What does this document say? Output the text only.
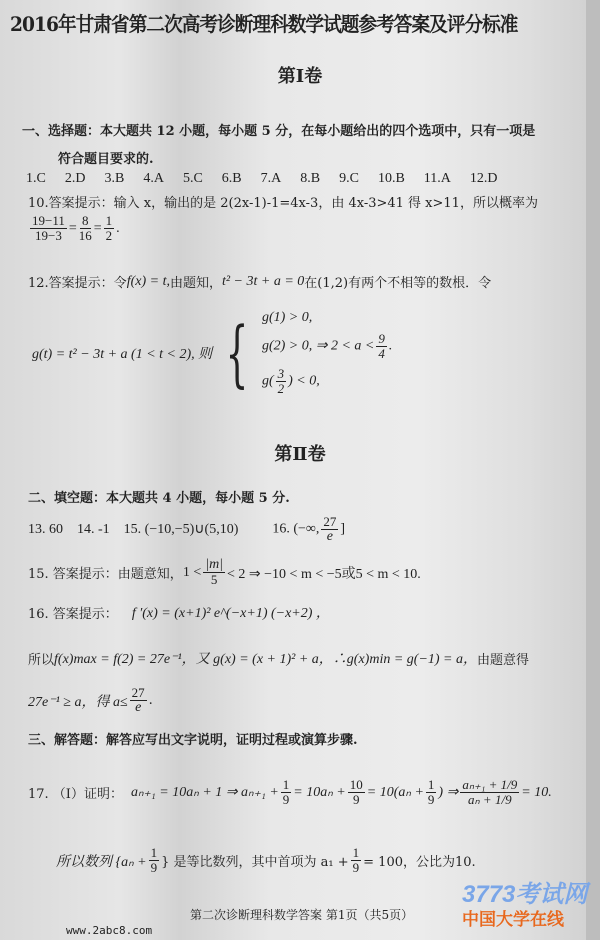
2016年甘肃省第二次高考诊断理科数学试题参考答案及评分标准
第Ⅰ卷
一、选择题：本大题共 12 小题，每小题 5 分，在每小题给出的四个选项中，只有一项是
符合题目要求的.
1.C 2.D 3.B 4.A 5.C 6.B 7.A 8.B 9.C 10.B 11.A 12.D
10.答案提示：输入 x，输出的是 2(2x-1)-1=4x-3，由 4x-3>41 得 x>11，所以概率为
$\frac{19-11}{19-3} = \frac{8}{16} = \frac{1}{2}$ .
12.答案提示：令 f(x) = t, 由题知， t² − 3t + a = 0 在(1,2)有两个不相等的数根．令
g(t) = t² − 3t + a (1 < t < 2), 则 { g(1) > 0,
g(2) > 0, ⇒ $2 < a < \frac{9}{4}$ .
$g( \frac{3}{2}$ ) < 0,
第Ⅱ卷
二、填空题：本大题共 4 小题，每小题 5 分.
13. 60 14. -1 15. (−10,−5)∪(5,10) 16. (−∞, $\frac{27}{e}$ ]
15. 答案提示：由题意知， $1 < \frac{|m|}{5} < 2$ ⇒ −10 < m < −5或5 < m < 10.
16. 答案提示： f ′(x) = (x+1)² e^(−x+1) (−x+2) ，
所以 f(x)max = f(2) = 27e⁻¹，又 g(x) = (x + 1)² + a，∴g(x)min = g(−1) = a， 由题意得
27e⁻¹ ≥ a，得 $a\le \frac{27}{e}$ .
三、解答题：解答应写出文字说明，证明过程或演算步骤.
17. （Ⅰ）证明： aₙ₊₁ = 10aₙ + 1 ⇒ $a_{n+1} + \frac{1}{9} = 10a_n + \frac{10}{9} = 10(a_n + \frac{1}{9}$ ) ⇒ $\frac{\text{aₙ₊₁ + 1/9}}{\text{aₙ + 1/9}} = 10$.
所以数列 {$a_n + \frac{1}{9}$ } 是等比数列，其中首项为 $a_1 + \frac{1}{9} = 100$，公比为10.
第二次诊断理科数学答案 第1页（共5页）
www.2abc8.com
3773考试网
中国大学在线
